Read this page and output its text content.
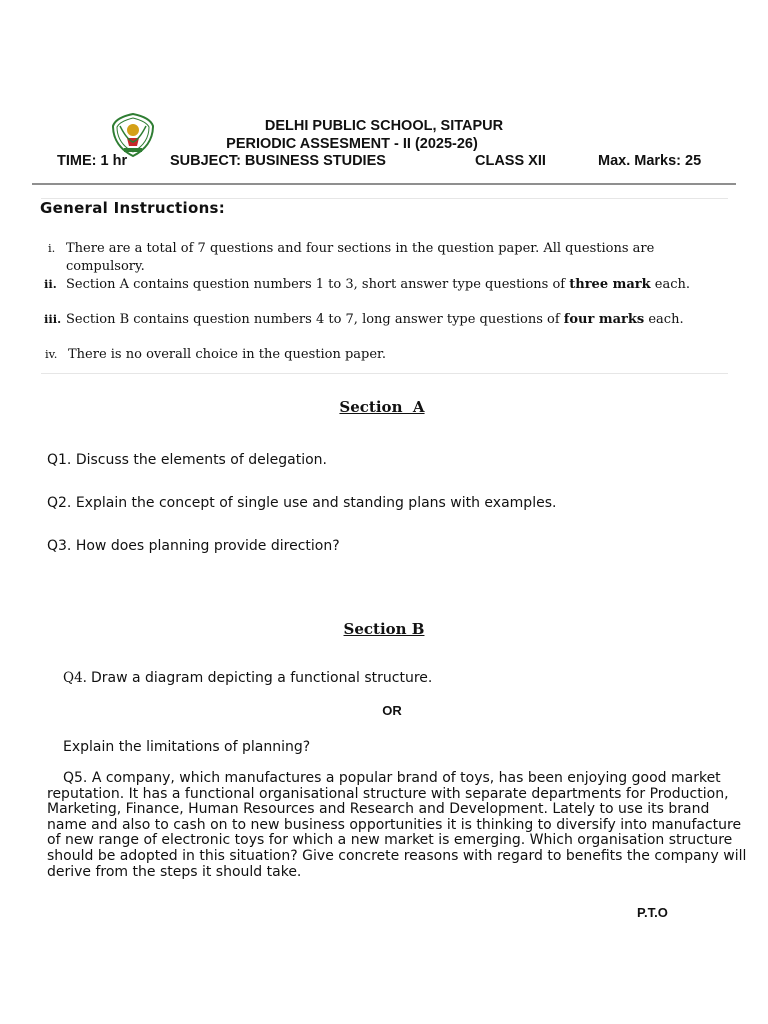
DELHI PUBLIC SCHOOL, SITAPUR
PERIODIC ASSESMENT - II (2025-26)
TIME: 1 hr	SUBJECT: BUSINESS STUDIES	CLASS XII	Max. Marks: 25
General Instructions:
i. There are a total of 7 questions and four sections in the question paper. All questions are compulsory.
ii. Section A contains question numbers 1 to 3, short answer type questions of three mark each.
iii. Section B contains question numbers 4 to 7, long answer type questions of four marks each.
iv. There is no overall choice in the question paper.
Section  A
Q1. Discuss the elements of delegation.
Q2. Explain the concept of single use and standing plans with examples.
Q3. How does planning provide direction?
Section B
Q4. Draw a diagram depicting a functional structure.
OR
Explain the limitations of planning?
Q5. A company, which manufactures a popular brand of toys, has been enjoying good market reputation. It has a functional organisational structure with separate departments for Production, Marketing, Finance, Human Resources and Research and Development. Lately to use its brand name and also to cash on to new business opportunities it is thinking to diversify into manufacture of new range of electronic toys for which a new market is emerging. Which organisation structure should be adopted in this situation? Give concrete reasons with regard to benefits the company will derive from the steps it should take.
P.T.O
